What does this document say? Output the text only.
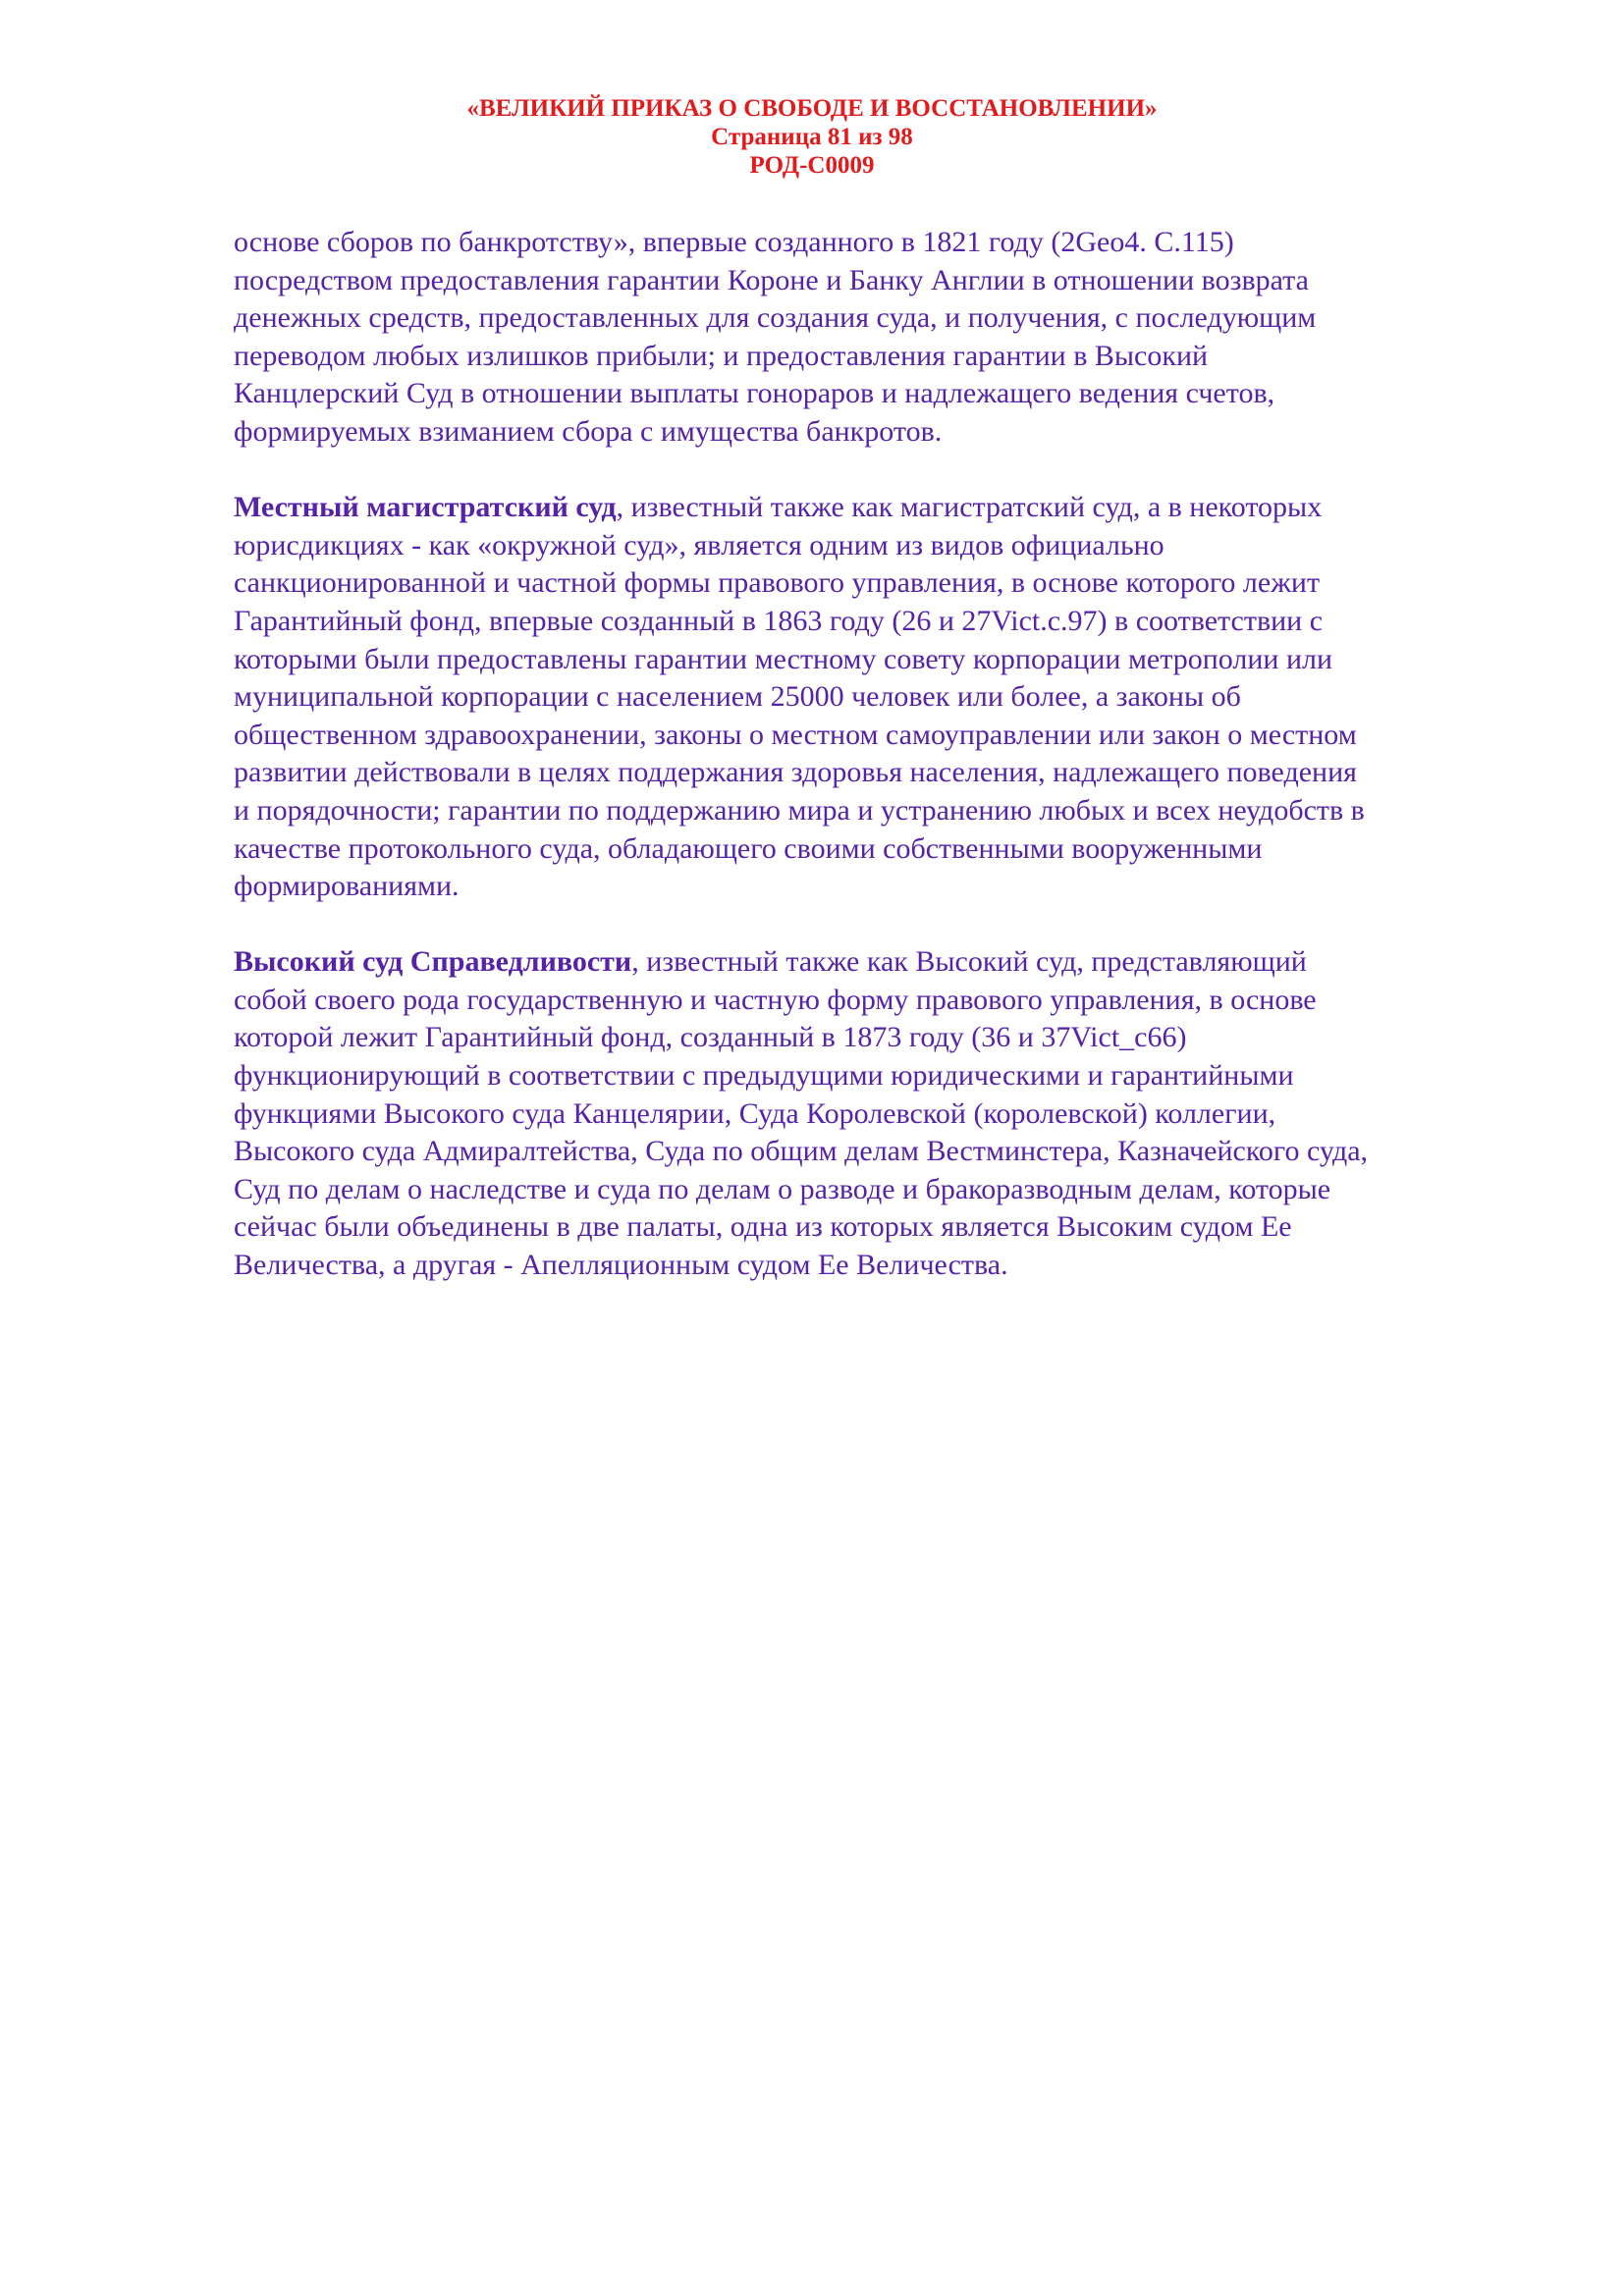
«ВЕЛИКИЙ ПРИКАЗ О СВОБОДЕ И ВОССТАНОВЛЕНИИ»
Страница 81 из 98
РОД-С0009

основе сборов по банкротству», впервые созданного в 1821 году (2Geo4. C.115)
посредством предоставления гарантии Короне и Банку Англии в отношении возврата
денежных средств, предоставленных для создания суда, и получения, с последующим
переводом любых излишков прибыли; и предоставления гарантии в Высокий
Канцлерский Суд в отношении выплаты гонораров и надлежащего ведения счетов,
формируемых взиманием сбора с имущества банкротов.

Местный магистратский суд, известный также как магистратский суд, а в некоторых
юрисдикциях - как «окружной суд», является одним из видов официально
санкционированной и частной формы правового управления, в основе которого лежит
Гарантийный фонд, впервые созданный в 1863 году (26 и 27Vict.c.97) в соответствии с
которыми были предоставлены гарантии местному совету корпорации метрополии или
муниципальной корпорации с населением 25000 человек или более, а законы об
общественном здравоохранении, законы о местном самоуправлении или закон о местном
развитии действовали в целях поддержания здоровья населения, надлежащего поведения
и порядочности; гарантии по поддержанию мира и устранению любых и всех неудобств в
качестве протокольного суда, обладающего своими собственными вооруженными
формированиями.

Высокий суд Справедливости, известный также как Высокий суд, представляющий
собой своего рода государственную и частную форму правового управления, в основе
которой лежит Гарантийный фонд, созданный в 1873 году (36 и 37Vict_c66)
функционирующий в соответствии с предыдущими юридическими и гарантийными
функциями Высокого суда Канцелярии, Суда Королевской (королевской) коллегии,
Высокого суда Адмиралтейства, Суда по общим делам Вестминстера, Казначейского суда,
Суд по делам о наследстве и суда по делам о разводе и бракоразводным делам, которые
сейчас были объединены в две палаты, одна из которых является Высоким судом Ее
Величества, а другая - Апелляционным судом Ее Величества.
